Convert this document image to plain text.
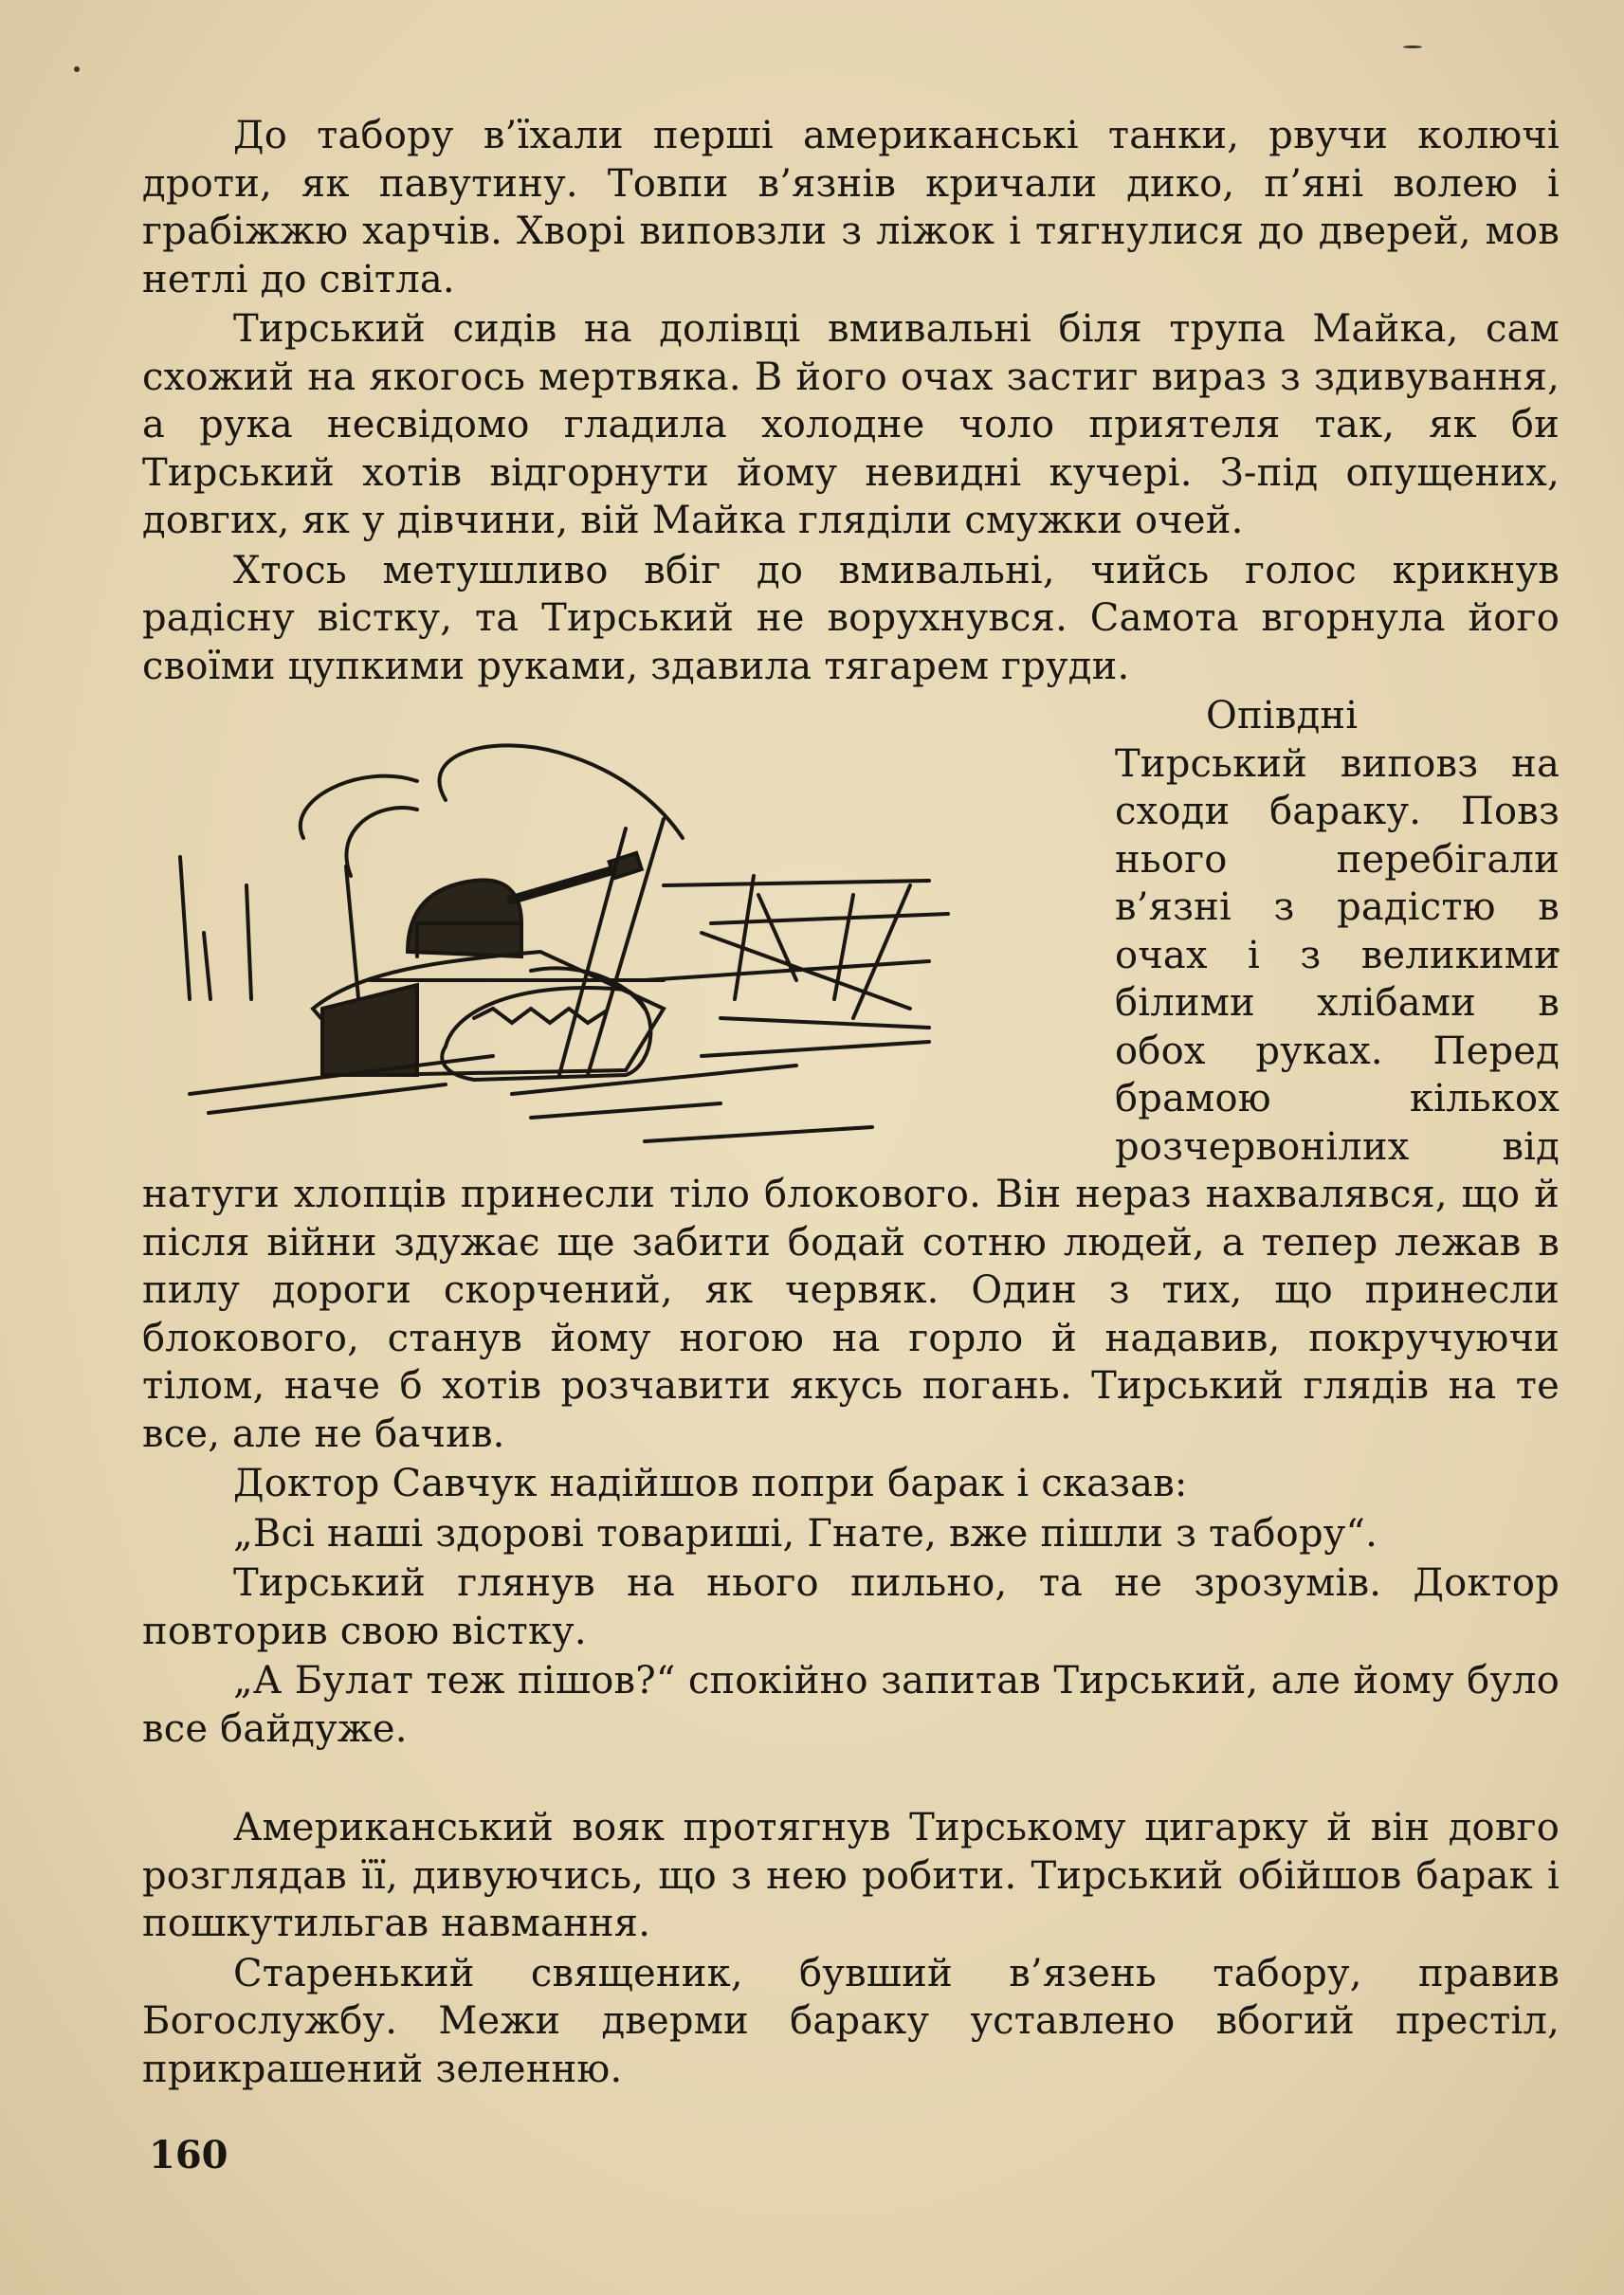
До табору в’їхали перші американські танки, рвучи колючі дроти, як павутину. Товпи в’язнів кричали дико, п’яні волею і грабіжжю харчів. Хворі виповзли з ліжок і тягнулися до дверей, мов нетлі до світла.

Тирський сидів на долівці вмивальні біля трупа Майка, сам схожий на якогось мертвяка. В його очах застиг вираз з здивування, а рука несвідомо гладила холодне чоло приятеля так, як би Тирський хотів відгорнути йому невидні кучері. З-під опущених, довгих, як у дівчини, вій Майка гляділи смужки очей.

Хтось метушливо вбіг до вмивальні, чийсь голос крикнув радісну вістку, та Тирський не ворухнувся. Самота вгорнула його своїми цупкими руками, здавила тягарем груди.

Опівдні Тирський виповз на сходи бараку. Повз нього перебігали в’язні з радістю в очах і з великими білими хлібами в обох руках. Перед брамою кількох розчервонілих від натуги хлопців принесли тіло блокового. Він нераз нахвалявся, що й після війни здужає ще забити бодай сотню людей, а тепер лежав в пилу дороги скорчений, як червяк. Один з тих, що принесли блокового, станув йому ногою на горло й надавив, покручуючи тілом, наче б хотів розчавити якусь погань. Тирський глядів на те все, але не бачив.

Доктор Савчук надійшов попри барак і сказав:

„Всі наші здорові товариші, Гнате, вже пішли з табору“.

Тирський глянув на нього пильно, та не зрозумів. Доктор повторив свою вістку.

„А Булат теж пішов?“ спокійно запитав Тирський, але йому було все байдуже.

Американський вояк протягнув Тирському цигарку й він довго розглядав її, дивуючись, що з нею робити. Тирський обійшов барак і пошкутильгав навмання.

Старенький священик, бувший в’язень табору, правив Богослужбу. Межи дверми бараку уставлено вбогий престіл, прикрашений зеленню.

160
